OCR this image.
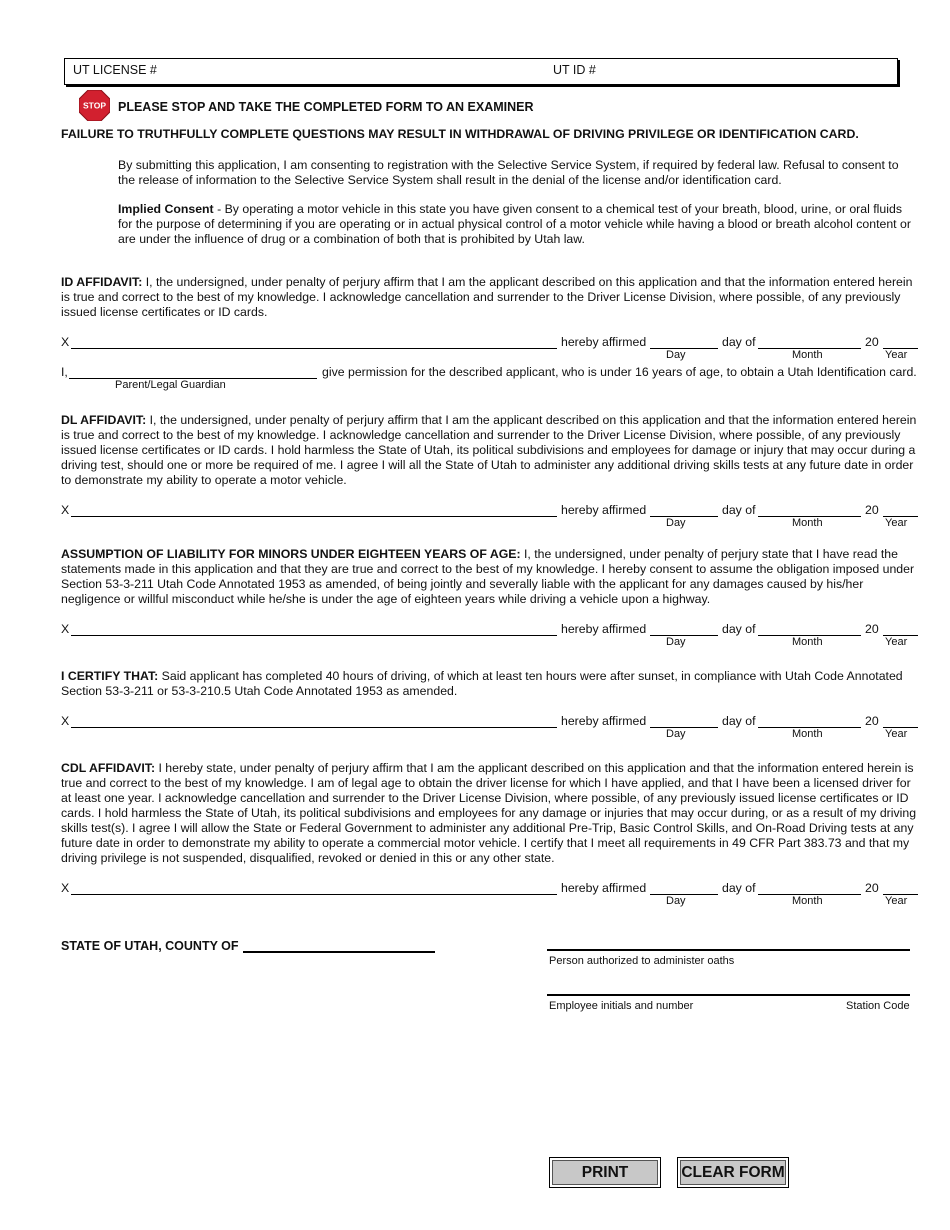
UT LICENSE #	UT ID #
STOP PLEASE STOP AND TAKE THE COMPLETED FORM TO AN EXAMINER
FAILURE TO TRUTHFULLY COMPLETE QUESTIONS MAY RESULT IN WITHDRAWAL OF DRIVING PRIVILEGE OR IDENTIFICATION CARD.

By submitting this application, I am consenting to registration with the Selective Service System, if required by federal law. Refusal to consent to the release of information to the Selective Service System shall result in the denial of the license and/or identification card.

Implied Consent - By operating a motor vehicle in this state you have given consent to a chemical test of your breath, blood, urine, or oral fluids for the purpose of determining if you are operating or in actual physical control of a motor vehicle while having a blood or breath alcohol content or are under the influence of drug or a combination of both that is prohibited by Utah law.

ID AFFIDAVIT: I, the undersigned, under penalty of perjury affirm that I am the applicant described on this application and that the information entered herein is true and correct to the best of my knowledge. I acknowledge cancellation and surrender to the Driver License Division, where possible, of any previously issued license certificates or ID cards.

X	hereby affirmed	day of	20
Day	Month	Year
I,	give permission for the described applicant, who is under 16 years of age, to obtain a Utah Identification card.
Parent/Legal Guardian

DL AFFIDAVIT: I, the undersigned, under penalty of perjury affirm that I am the applicant described on this application and that the information entered herein is true and correct to the best of my knowledge. I acknowledge cancellation and surrender to the Driver License Division, where possible, of any previously issued license certificates or ID cards. I hold harmless the State of Utah, its political subdivisions and employees for damage or injury that may occur during a driving test, should one or more be required of me. I agree I will all the State of Utah to administer any additional driving skills tests at any future date in order to demonstrate my ability to operate a motor vehicle.

X	hereby affirmed	day of	20
Day	Month	Year

ASSUMPTION OF LIABILITY FOR MINORS UNDER EIGHTEEN YEARS OF AGE: I, the undersigned, under penalty of perjury state that I have read the statements made in this application and that they are true and correct to the best of my knowledge. I hereby consent to assume the obligation imposed under Section 53-3-211 Utah Code Annotated 1953 as amended, of being jointly and severally liable with the applicant for any damages caused by his/her negligence or willful misconduct while he/she is under the age of eighteen years while driving a vehicle upon a highway.

X	hereby affirmed	day of	20
Day	Month	Year

I CERTIFY THAT: Said applicant has completed 40 hours of driving, of which at least ten hours were after sunset, in compliance with Utah Code Annotated Section 53-3-211 or 53-3-210.5 Utah Code Annotated 1953 as amended.

X	hereby affirmed	day of	20
Day	Month	Year

CDL AFFIDAVIT: I hereby state, under penalty of perjury affirm that I am the applicant described on this application and that the information entered herein is true and correct to the best of my knowledge. I am of legal age to obtain the driver license for which I have applied, and that I have been a licensed driver for at least one year. I acknowledge cancellation and surrender to the Driver License Division, where possible, of any previously issued license certificates or ID cards. I hold harmless the State of Utah, its political subdivisions and employees for any damage or injuries that may occur during, or as a result of my driving skills test(s). I agree I will allow the State or Federal Government to administer any additional Pre-Trip, Basic Control Skills, and On-Road Driving tests at any future date in order to demonstrate my ability to operate a commercial motor vehicle. I certify that I meet all requirements in 49 CFR Part 383.73 and that my driving privilege is not suspended, disqualified, revoked or denied in this or any other state.

X	hereby affirmed	day of	20
Day	Month	Year
STATE OF UTAH, COUNTY OF
Person authorized to administer oaths
Employee initials and number	Station Code
PRINT	CLEAR FORM
